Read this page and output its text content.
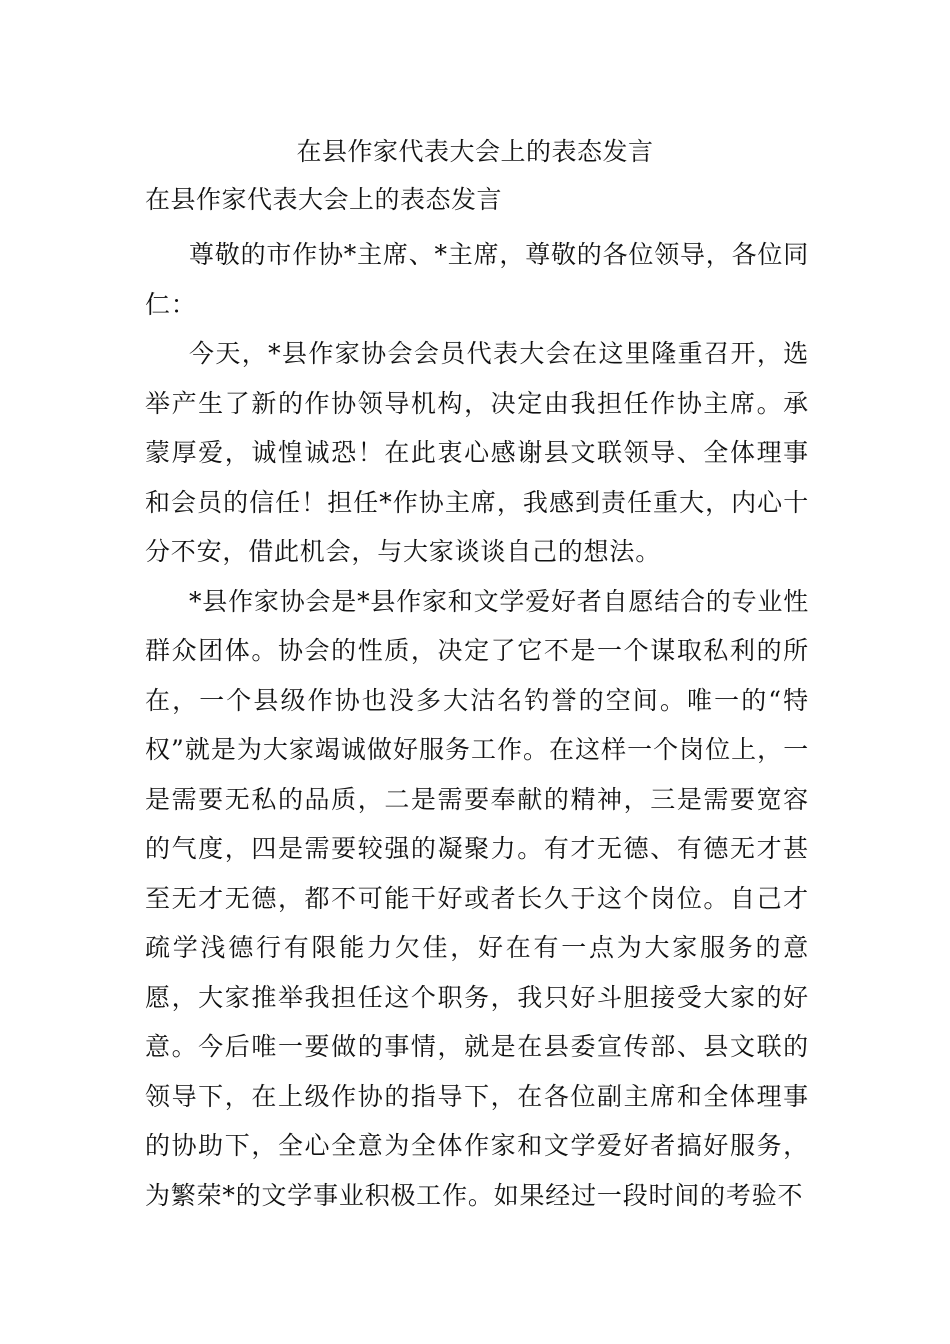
在县作家代表大会上的表态发言
在县作家代表大会上的表态发言

尊敬的市作协*主席、*主席，尊敬的各位领导，各位同仁：

今天，*县作家协会会员代表大会在这里隆重召开，选举产生了新的作协领导机构，决定由我担任作协主席。承蒙厚爱，诚惶诚恐！在此衷心感谢县文联领导、全体理事和会员的信任！担任*作协主席，我感到责任重大，内心十分不安，借此机会，与大家谈谈自己的想法。

*县作家协会是*县作家和文学爱好者自愿结合的专业性群众团体。协会的性质，决定了它不是一个谋取私利的所在，一个县级作协也没多大沽名钓誉的空间。唯一的“特权”就是为大家竭诚做好服务工作。在这样一个岗位上，一是需要无私的品质，二是需要奉献的精神，三是需要宽容的气度，四是需要较强的凝聚力。有才无德、有德无才甚至无才无德，都不可能干好或者长久于这个岗位。自己才疏学浅德行有限能力欠佳，好在有一点为大家服务的意愿，大家推举我担任这个职务，我只好斗胆接受大家的好意。今后唯一要做的事情，就是在县委宣传部、县文联的领导下，在上级作协的指导下，在各位副主席和全体理事的协助下，全心全意为全体作家和文学爱好者搞好服务，为繁荣*的文学事业积极工作。如果经过一段时间的考验不
